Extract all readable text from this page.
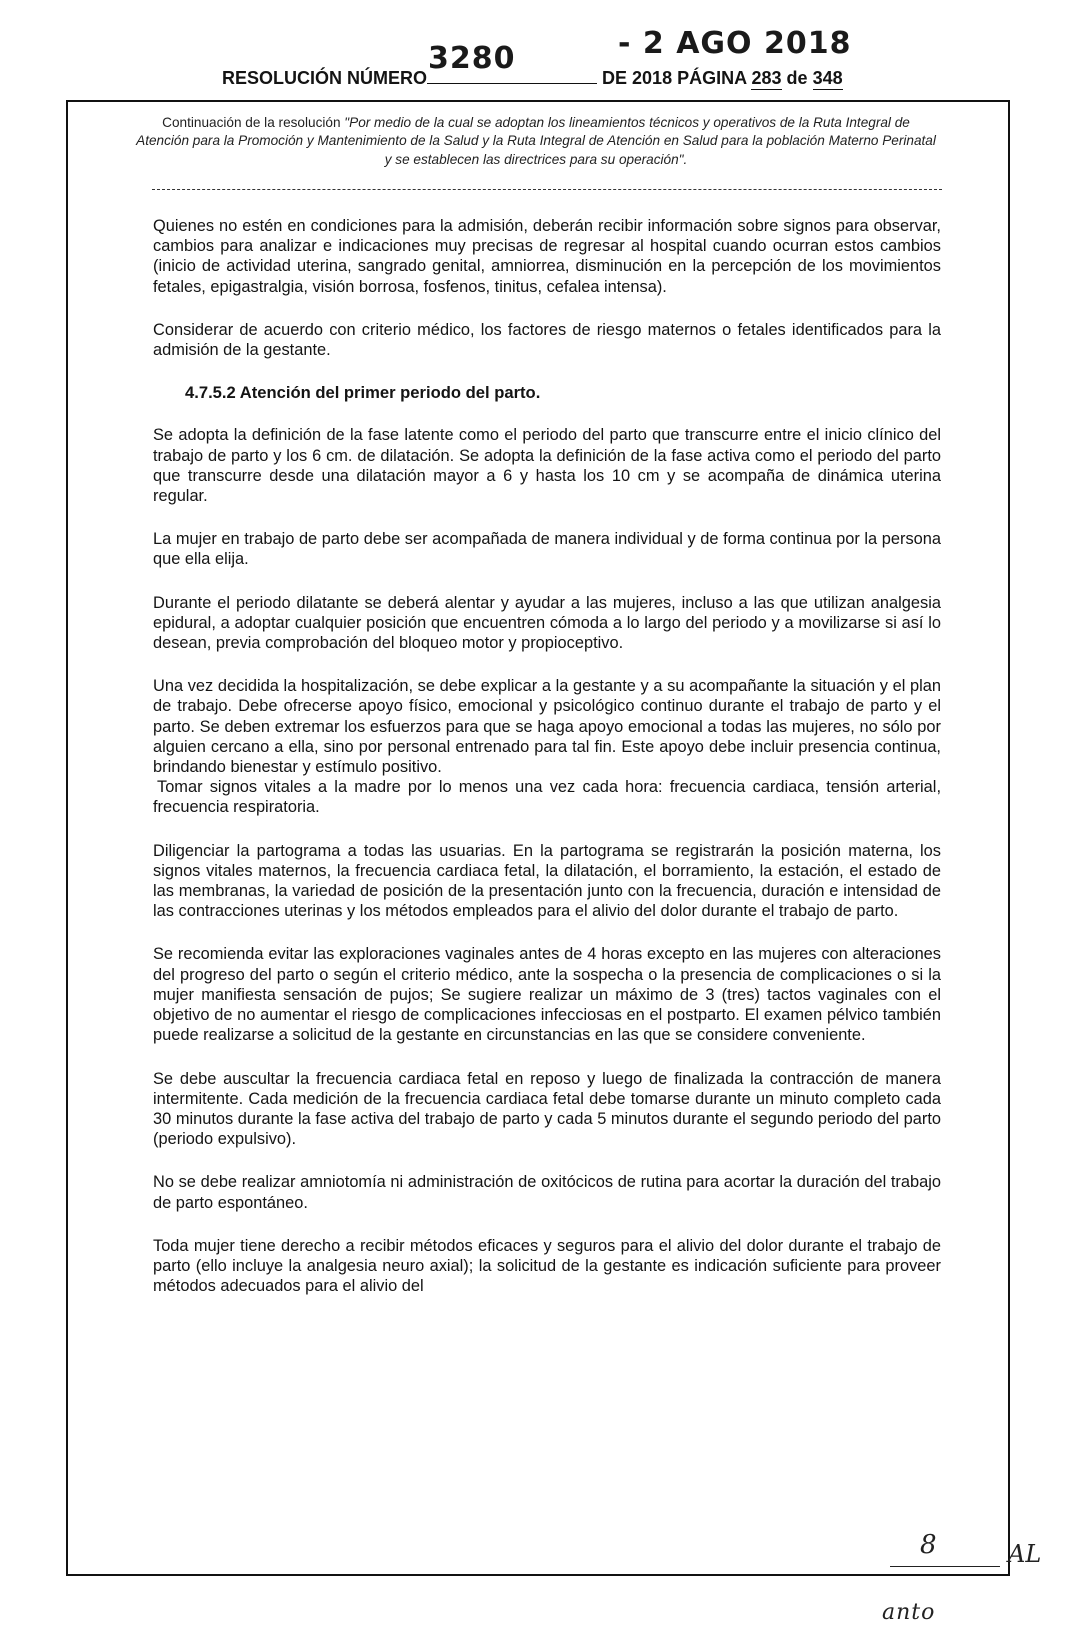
3280	- 2 AGO 2018
RESOLUCIÓN NÚMERO	DE 2018 PÁGINA 283 de 348
Continuación de la resolución "Por medio de la cual se adoptan los lineamientos técnicos y operativos de la Ruta Integral de Atención para la Promoción y Mantenimiento de la Salud y la Ruta Integral de Atención en Salud para la población Materno Perinatal y se establecen las directrices para su operación".

Quienes no estén en condiciones para la admisión, deberán recibir información sobre signos para observar, cambios para analizar e indicaciones muy precisas de regresar al hospital cuando ocurran estos cambios (inicio de actividad uterina, sangrado genital, amniorrea, disminución en la percepción de los movimientos fetales, epigastralgia, visión borrosa, fosfenos, tinitus, cefalea intensa).

Considerar de acuerdo con criterio médico, los factores de riesgo maternos o fetales identificados para la admisión de la gestante.

4.7.5.2 Atención del primer periodo del parto.

Se adopta la definición de la fase latente como el periodo del parto que transcurre entre el inicio clínico del trabajo de parto y los 6 cm. de dilatación. Se adopta la definición de la fase activa como el periodo del parto que transcurre desde una dilatación mayor a 6 y hasta los 10 cm y se acompaña de dinámica uterina regular.

La mujer en trabajo de parto debe ser acompañada de manera individual y de forma continua por la persona que ella elija.

Durante el periodo dilatante se deberá alentar y ayudar a las mujeres, incluso a las que utilizan analgesia epidural, a adoptar cualquier posición que encuentren cómoda a lo largo del periodo y a movilizarse si así lo desean, previa comprobación del bloqueo motor y propioceptivo.

Una vez decidida la hospitalización, se debe explicar a la gestante y a su acompañante la situación y el plan de trabajo. Debe ofrecerse apoyo físico, emocional y psicológico continuo durante el trabajo de parto y el parto. Se deben extremar los esfuerzos para que se haga apoyo emocional a todas las mujeres, no sólo por alguien cercano a ella, sino por personal entrenado para tal fin. Este apoyo debe incluir presencia continua, brindando bienestar y estímulo positivo.

Tomar signos vitales a la madre por lo menos una vez cada hora: frecuencia cardiaca, tensión arterial, frecuencia respiratoria.

Diligenciar la partograma a todas las usuarias. En la partograma se registrarán la posición materna, los signos vitales maternos, la frecuencia cardiaca fetal, la dilatación, el borramiento, la estación, el estado de las membranas, la variedad de posición de la presentación junto con la frecuencia, duración e intensidad de las contracciones uterinas y los métodos empleados para el alivio del dolor durante el trabajo de parto.

Se recomienda evitar las exploraciones vaginales antes de 4 horas excepto en las mujeres con alteraciones del progreso del parto o según el criterio médico, ante la sospecha o la presencia de complicaciones o si la mujer manifiesta sensación de pujos; Se sugiere realizar un máximo de 3 (tres) tactos vaginales con el objetivo de no aumentar el riesgo de complicaciones infecciosas en el postparto. El examen pélvico también puede realizarse a solicitud de la gestante en circunstancias en las que se considere conveniente.

Se debe auscultar la frecuencia cardiaca fetal en reposo y luego de finalizada la contracción de manera intermitente. Cada medición de la frecuencia cardiaca fetal debe tomarse durante un minuto completo cada 30 minutos durante la fase activa del trabajo de parto y cada 5 minutos durante el segundo periodo del parto (periodo expulsivo).

No se debe realizar amniotomía ni administración de oxitócicos de rutina para acortar la duración del trabajo de parto espontáneo.

Toda mujer tiene derecho a recibir métodos eficaces y seguros para el alivio del dolor durante el trabajo de parto (ello incluye la analgesia neuro axial); la solicitud de la gestante es indicación suficiente para proveer métodos adecuados para el alivio del

8	AL
anto
